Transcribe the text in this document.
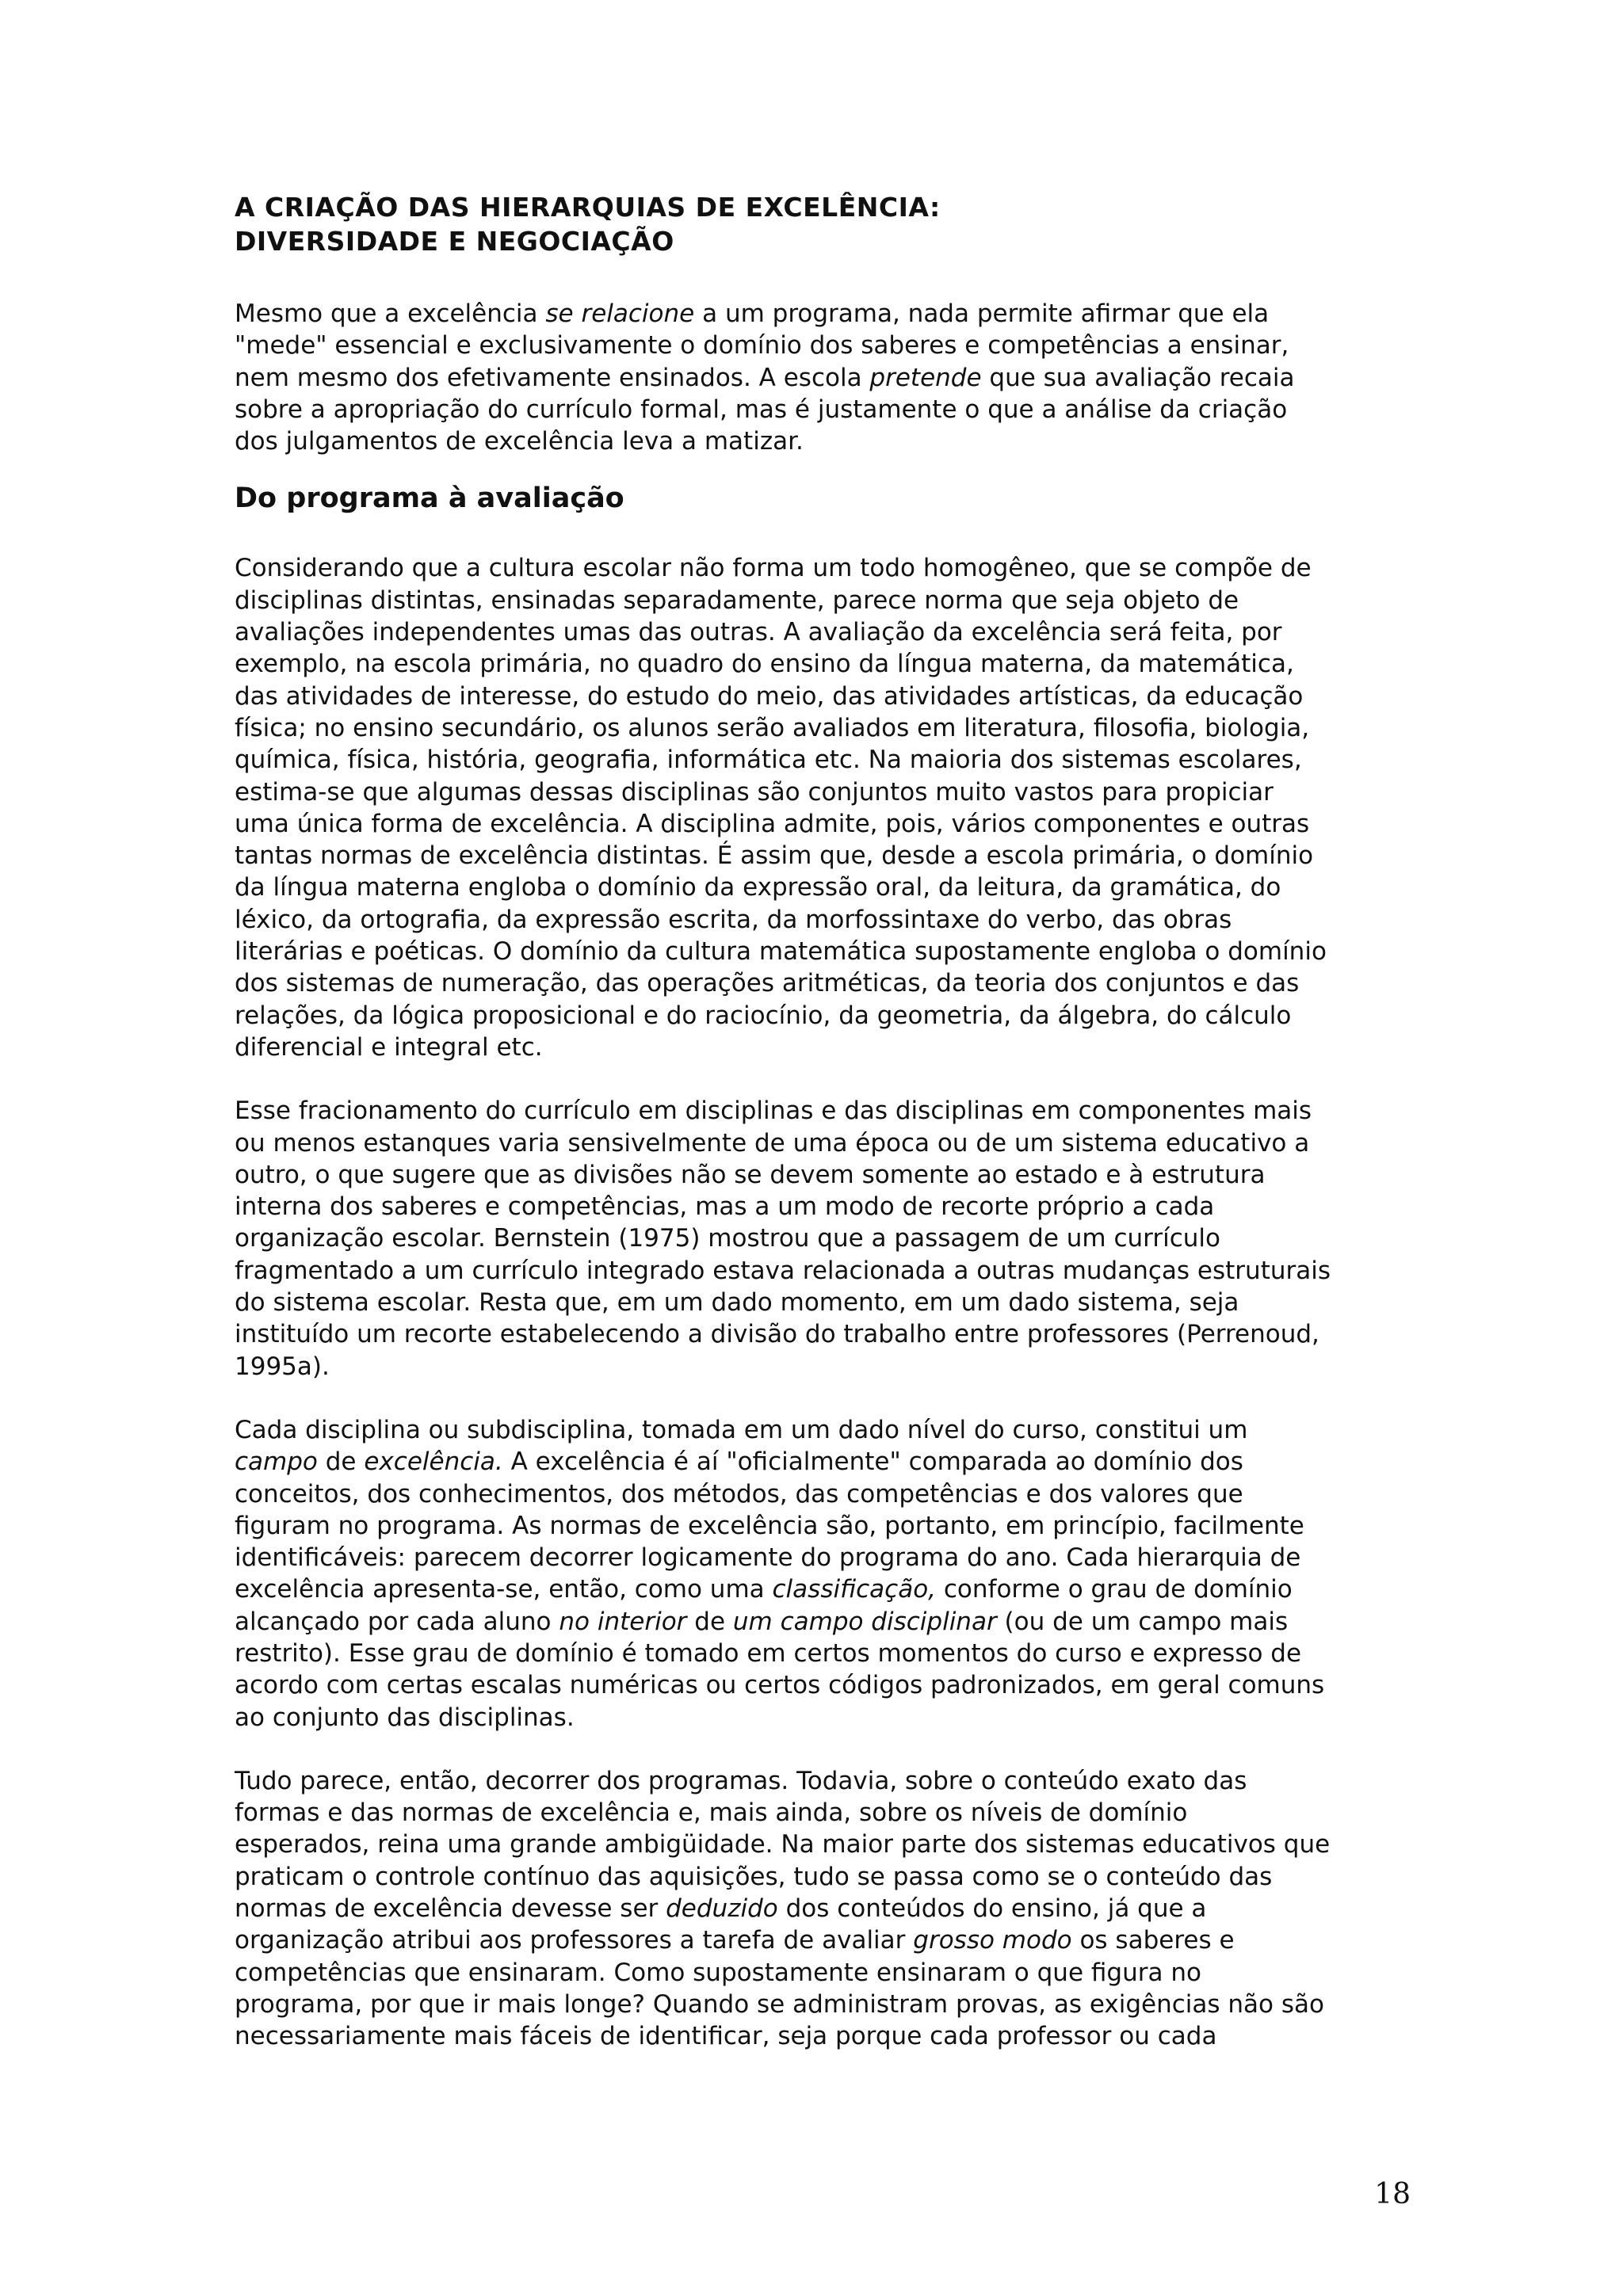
A CRIAÇÃO DAS HIERARQUIAS DE EXCELÊNCIA:
DIVERSIDADE E NEGOCIAÇÃO
Mesmo que a excelência se relacione a um programa, nada permite afirmar que ela
"mede" essencial e exclusivamente o domínio dos saberes e competências a ensinar,
nem mesmo dos efetivamente ensinados. A escola pretende que sua avaliação recaia
sobre a apropriação do currículo formal, mas é justamente o que a análise da criação
dos julgamentos de excelência leva a matizar.
Do programa à avaliação
Considerando que a cultura escolar não forma um todo homogêneo, que se compõe de
disciplinas distintas, ensinadas separadamente, parece norma que seja objeto de
avaliações independentes umas das outras. A avaliação da excelência será feita, por
exemplo, na escola primária, no quadro do ensino da língua materna, da matemática,
das atividades de interesse, do estudo do meio, das atividades artísticas, da educação
física; no ensino secundário, os alunos serão avaliados em literatura, filosofia, biologia,
química, física, história, geografia, informática etc. Na maioria dos sistemas escolares,
estima-se que algumas dessas disciplinas são conjuntos muito vastos para propiciar
uma única forma de excelência. A disciplina admite, pois, vários componentes e outras
tantas normas de excelência distintas. É assim que, desde a escola primária, o domínio
da língua materna engloba o domínio da expressão oral, da leitura, da gramática, do
léxico, da ortografia, da expressão escrita, da morfossintaxe do verbo, das obras
literárias e poéticas. O domínio da cultura matemática supostamente engloba o domínio
dos sistemas de numeração, das operações aritméticas, da teoria dos conjuntos e das
relações, da lógica proposicional e do raciocínio, da geometria, da álgebra, do cálculo
diferencial e integral etc.
Esse fracionamento do currículo em disciplinas e das disciplinas em componentes mais
ou menos estanques varia sensivelmente de uma época ou de um sistema educativo a
outro, o que sugere que as divisões não se devem somente ao estado e à estrutura
interna dos saberes e competências, mas a um modo de recorte próprio a cada
organização escolar. Bernstein (1975) mostrou que a passagem de um currículo
fragmentado a um currículo integrado estava relacionada a outras mudanças estruturais
do sistema escolar. Resta que, em um dado momento, em um dado sistema, seja
instituído um recorte estabelecendo a divisão do trabalho entre professores (Perrenoud,
1995a).
Cada disciplina ou subdisciplina, tomada em um dado nível do curso, constitui um
campo de excelência. A excelência é aí "oficialmente" comparada ao domínio dos
conceitos, dos conhecimentos, dos métodos, das competências e dos valores que
figuram no programa. As normas de excelência são, portanto, em princípio, facilmente
identificáveis: parecem decorrer logicamente do programa do ano. Cada hierarquia de
excelência apresenta-se, então, como uma classificação, conforme o grau de domínio
alcançado por cada aluno no interior de um campo disciplinar (ou de um campo mais
restrito). Esse grau de domínio é tomado em certos momentos do curso e expresso de
acordo com certas escalas numéricas ou certos códigos padronizados, em geral comuns
ao conjunto das disciplinas.
Tudo parece, então, decorrer dos programas. Todavia, sobre o conteúdo exato das
formas e das normas de excelência e, mais ainda, sobre os níveis de domínio
esperados, reina uma grande ambigüidade. Na maior parte dos sistemas educativos que
praticam o controle contínuo das aquisições, tudo se passa como se o conteúdo das
normas de excelência devesse ser deduzido dos conteúdos do ensino, já que a
organização atribui aos professores a tarefa de avaliar grosso modo os saberes e
competências que ensinaram. Como supostamente ensinaram o que figura no
programa, por que ir mais longe? Quando se administram provas, as exigências não são
necessariamente mais fáceis de identificar, seja porque cada professor ou cada
18
